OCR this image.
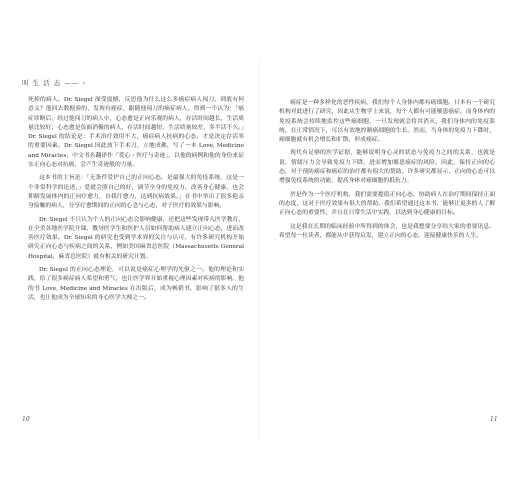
叫 生 活 态 —— ›

死掉的病人。Dr. Siegel 深受震撼，反思他为什么这么多癌症病人闯刀，到底有何意义？他回去数据验的，发现有癌症，跟随他闯刀的癌症病人，得到一个认为：「癌症诊断后，经过他闯刀的病人中，心态愈是正向乐观的病人，存活时间越长，生活质量比较好；心态愈是负面消极的病人，存活时间越短，生活质量较差，多半活不久。」Dr. Siegel 的结论是：手术治疗效用不大，癌症病人抗病的心态，才是决定存活率的重要因素。Dr. Siegel 因此放下手术刀，立地成佛，写了一本 Love, Medicine and Miracles，中文书名翻译作「爱心・医疗与奇迹」，以他的病例和他的身份来证实正向心态对抗癌，会产生奇迹般的力量。

这本书的主旨是：「无条件爱护自己的正向心态，是最强大的免疫系统。这是一个非常科学的论述，」爱就会照自己的好，调节全身的免疫力，改善身心健康，也会抑制发展体内的正向疗愈力，自我疗愈力，达到抗病效果。」在书中举出了很多他亲身接触的病人，分享疗愈期间的正向的心念与心态，对于医疗的效果与影响。

Dr. Siegel 不只认为个人的正向心态会影响健康，还把这些发现带入医学教育，在全美各地医学院开课，教导医学生和医护人员如何帮助病人建立正向心态，进而改善医疗效果。Dr. Siegel 的研究也受到学术界的关注与认可，有许多研究机构开始研究正向心态与疾病之间的关系，例如美国麻省总医院（Massachusetts General Hospital，麻省总医院）就有相关的研究计划。

Dr. Siegel 的正向心态理论，可以说是癌症心理学的先驱之一。他的理论和实践，给了很多癌症病人希望和勇气，也让医学界开始重视心理因素对疾病的影响。他的书 Love, Medicine and Miracles 在出版后，成为畅销书，影响了很多人的生活，也让他成为全球知名的身心医学大师之一。

癌症是一种多样化的恶性疾病，我们每个人身体内都有癌细胞。日本有一个研究机构对此进行了研究，因此从生物学上来说，每个人都有可能罹患癌症，而身体内的免疫系统会持续地监控这些癌细胞，一旦发现就会将其消灭，我们身体内的免疫系统，在正常情况下，可以有效地控制癌细胞的生长。然而，当身体的免疫力下降时，癌细胞就有机会增长和扩散，形成癌症。

现代有足够的医学证据，能够说明身心灵的状态与免疫力之间的关系，也就是说，情绪压力会导致免疫力下降，进而增加罹患癌症的风险。因此，保持正向的心态，对于预防癌症和癌症的治疗都有很大的帮助。许多研究都显示，正向的心态可以增强免疫系统的功能，提高身体对癌细胞的抵抗力。

於是作为一个医疗机构，我们需要提倡正向心态，协助病人在治疗期间保持正面的态度，这对于医疗效果有很大的帮助。我们希望通过这本书，能够让更多的人了解正向心态的重要性，并且在日常生活中实践，以达到身心健康的目标。

这是我在长期的临床经验中所得到的体会，也是我想要分享给大家的重要讯息。希望每一位读者，都能从中获得启发，建立正向的心态，迎接健康快乐的人生。

10	11
